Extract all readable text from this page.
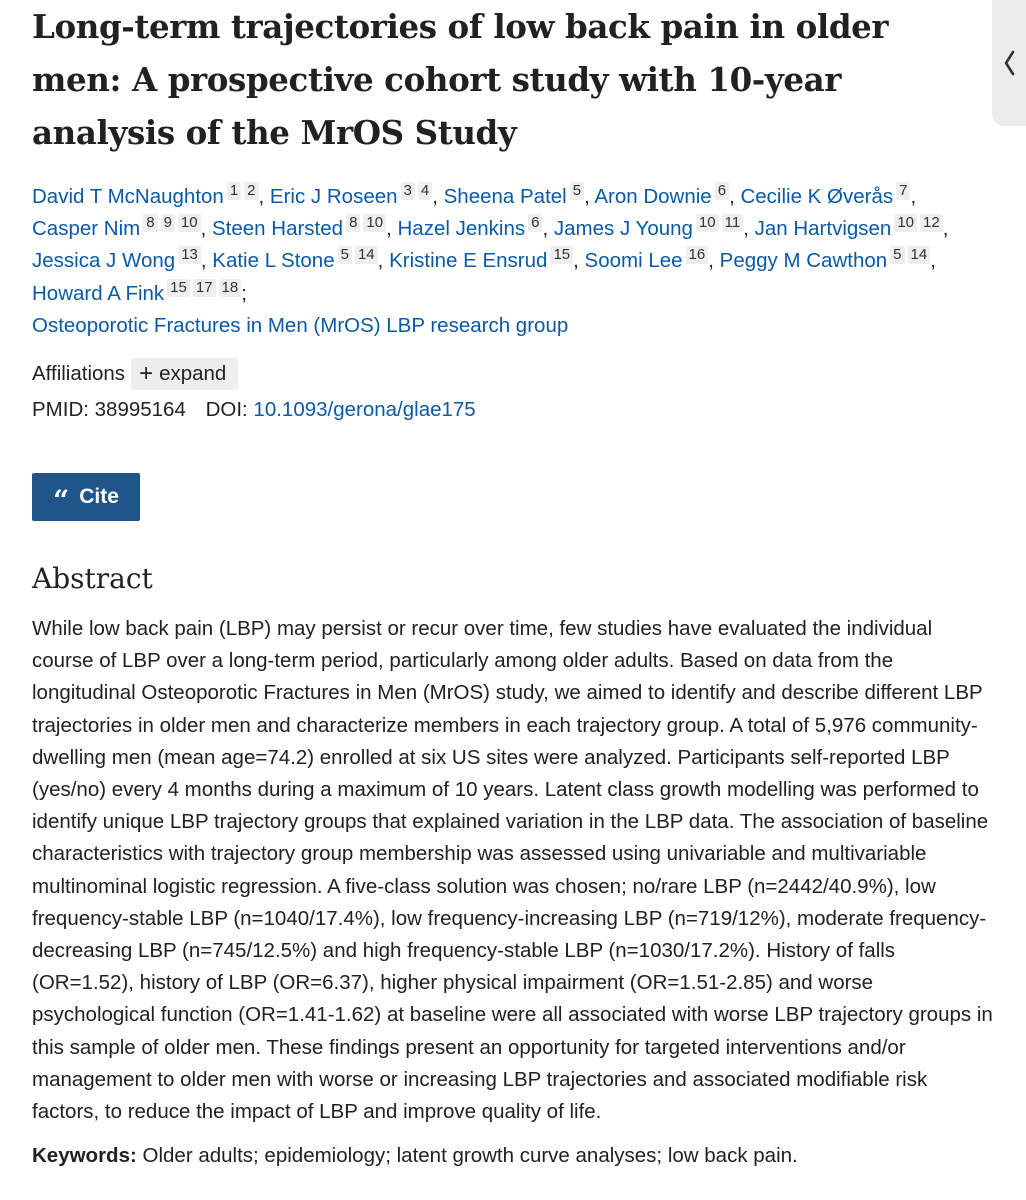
Long-term trajectories of low back pain in older men: A prospective cohort study with 10-year analysis of the MrOS Study
David T McNaughton 1 2 , Eric J Roseen 3 4 , Sheena Patel 5 , Aron Downie 6 , Cecilie K Øverås 7 , Casper Nim 8 9 10 , Steen Harsted 8 10 , Hazel Jenkins 6 , James J Young 10 11 , Jan Hartvigsen 10 12 , Jessica J Wong 13 , Katie L Stone 5 14 , Kristine E Ensrud 15 , Soomi Lee 16 , Peggy M Cawthon 5 14 , Howard A Fink 15 17 18 ;
Osteoporotic Fractures in Men (MrOS) LBP research group
Affiliations + expand
PMID: 38995164 DOI: 10.1093/gerona/glae175
“ Cite
Abstract
While low back pain (LBP) may persist or recur over time, few studies have evaluated the individual course of LBP over a long-term period, particularly among older adults. Based on data from the longitudinal Osteoporotic Fractures in Men (MrOS) study, we aimed to identify and describe different LBP trajectories in older men and characterize members in each trajectory group. A total of 5,976 community-dwelling men (mean age=74.2) enrolled at six US sites were analyzed. Participants self-reported LBP (yes/no) every 4 months during a maximum of 10 years. Latent class growth modelling was performed to identify unique LBP trajectory groups that explained variation in the LBP data. The association of baseline characteristics with trajectory group membership was assessed using univariable and multivariable multinominal logistic regression. A five-class solution was chosen; no/rare LBP (n=2442/40.9%), low frequency-stable LBP (n=1040/17.4%), low frequency-increasing LBP (n=719/12%), moderate frequency-decreasing LBP (n=745/12.5%) and high frequency-stable LBP (n=1030/17.2%). History of falls (OR=1.52), history of LBP (OR=6.37), higher physical impairment (OR=1.51-2.85) and worse psychological function (OR=1.41-1.62) at baseline were all associated with worse LBP trajectory groups in this sample of older men. These findings present an opportunity for targeted interventions and/or management to older men with worse or increasing LBP trajectories and associated modifiable risk factors, to reduce the impact of LBP and improve quality of life.
Keywords: Older adults; epidemiology; latent growth curve analyses; low back pain.
